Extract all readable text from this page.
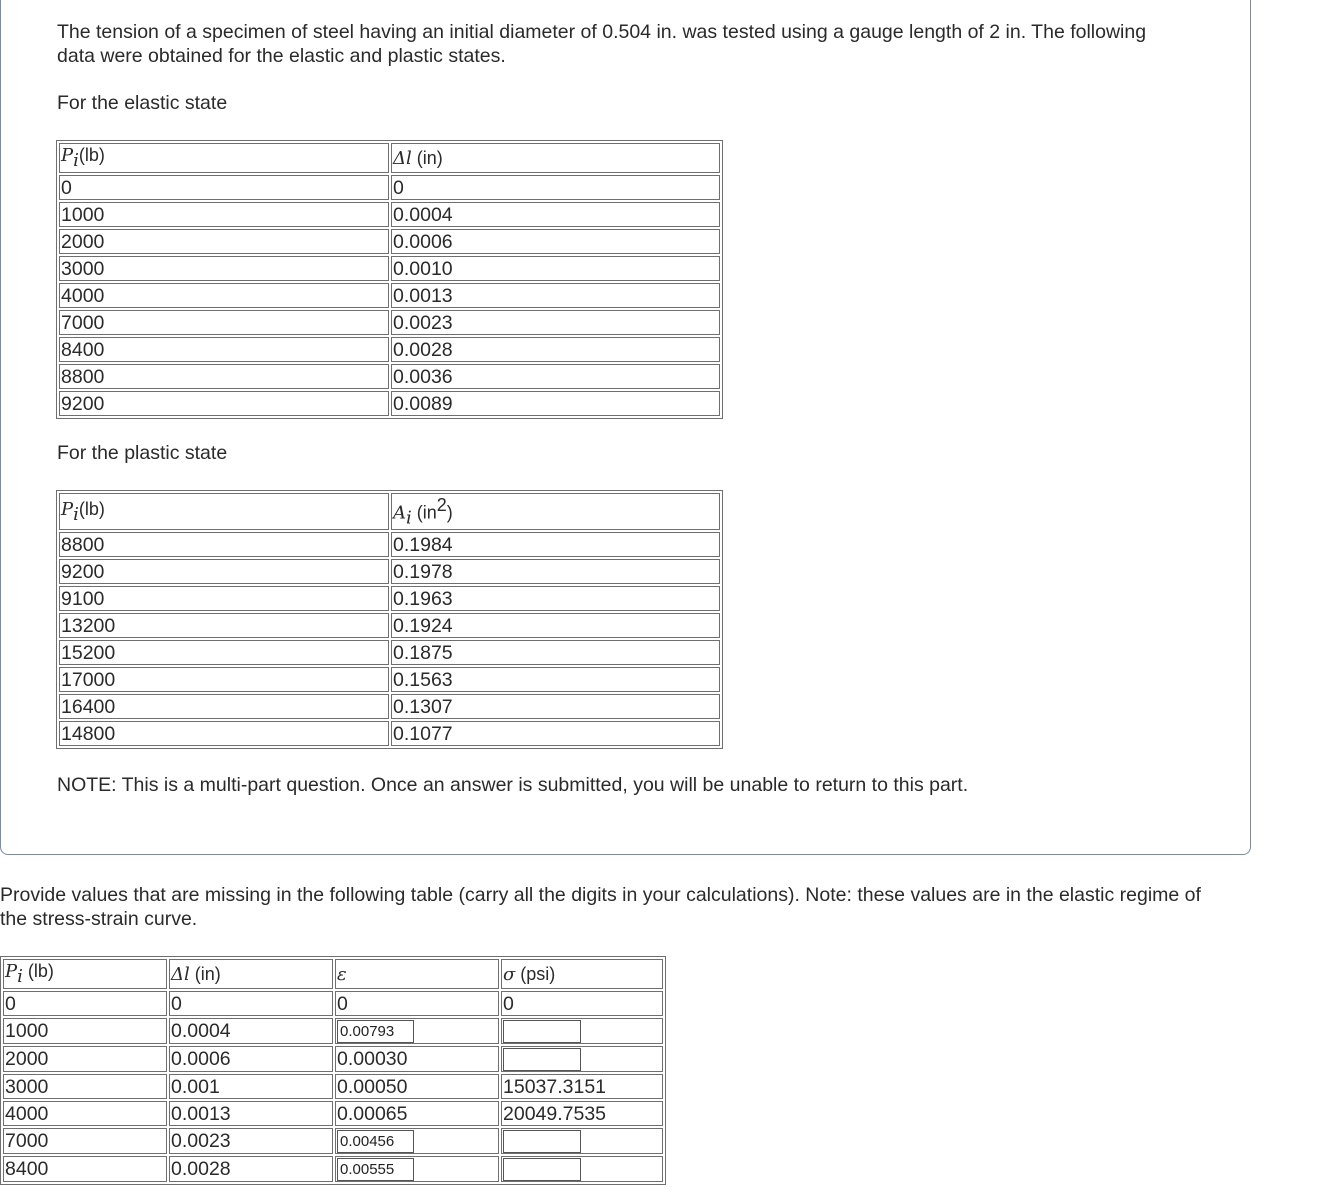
The tension of a specimen of steel having an initial diameter of 0.504 in. was tested using a gauge length of 2 in. The following data were obtained for the elastic and plastic states.

For the elastic state

$P_i(lb)$	Δl (in)
0	0
1000	0.0004
2000	0.0006
3000	0.0010
4000	0.0013
7000	0.0023
8400	0.0028
8800	0.0036
9200	0.0089

For the plastic state

$P_i(lb)$	$A_i$ $(in^2)$
8800	0.1984
9200	0.1978
9100	0.1963
13200	0.1924
15200	0.1875
17000	0.1563
16400	0.1307
14800	0.1077

NOTE: This is a multi-part question. Once an answer is submitted, you will be unable to return to this part.

Provide values that are missing in the following table (carry all the digits in your calculations). Note: these values are in the elastic regime of the stress-strain curve.

$P_i$ (lb)	Δl (in)	ε	σ (psi)
0	0	0	0
1000	0.0004	0.00793	
2000	0.0006	0.00030	
3000	0.001	0.00050	15037.3151
4000	0.0013	0.00065	20049.7535
7000	0.0023	0.00456	
8400	0.0028	0.00555	
